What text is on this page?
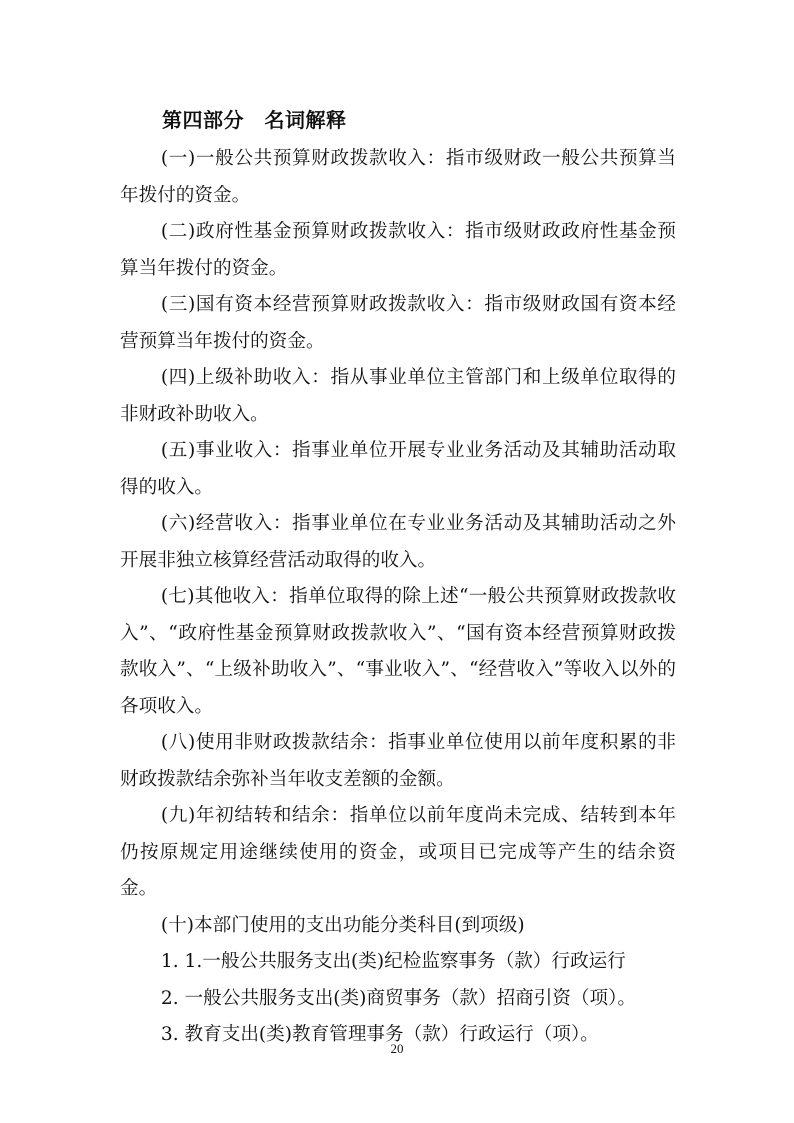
第四部分　名词解释

(一)一般公共预算财政拨款收入：指市级财政一般公共预算当年拨付的资金。

(二)政府性基金预算财政拨款收入：指市级财政政府性基金预算当年拨付的资金。

(三)国有资本经营预算财政拨款收入：指市级财政国有资本经营预算当年拨付的资金。

(四)上级补助收入：指从事业单位主管部门和上级单位取得的非财政补助收入。

(五)事业收入：指事业单位开展专业业务活动及其辅助活动取得的收入。

(六)经营收入：指事业单位在专业业务活动及其辅助活动之外开展非独立核算经营活动取得的收入。

(七)其他收入：指单位取得的除上述“一般公共预算财政拨款收入”、“政府性基金预算财政拨款收入”、“国有资本经营预算财政拨款收入”、“上级补助收入”、“事业收入”、“经营收入”等收入以外的各项收入。

(八)使用非财政拨款结余：指事业单位使用以前年度积累的非财政拨款结余弥补当年收支差额的金额。

(九)年初结转和结余：指单位以前年度尚未完成、结转到本年仍按原规定用途继续使用的资金，或项目已完成等产生的结余资金。

(十)本部门使用的支出功能分类科目(到项级)

1. 1.一般公共服务支出(类)纪检监察事务（款）行政运行

2. 一般公共服务支出(类)商贸事务（款）招商引资（项）。

3. 教育支出(类)教育管理事务（款）行政运行（项）。

20
